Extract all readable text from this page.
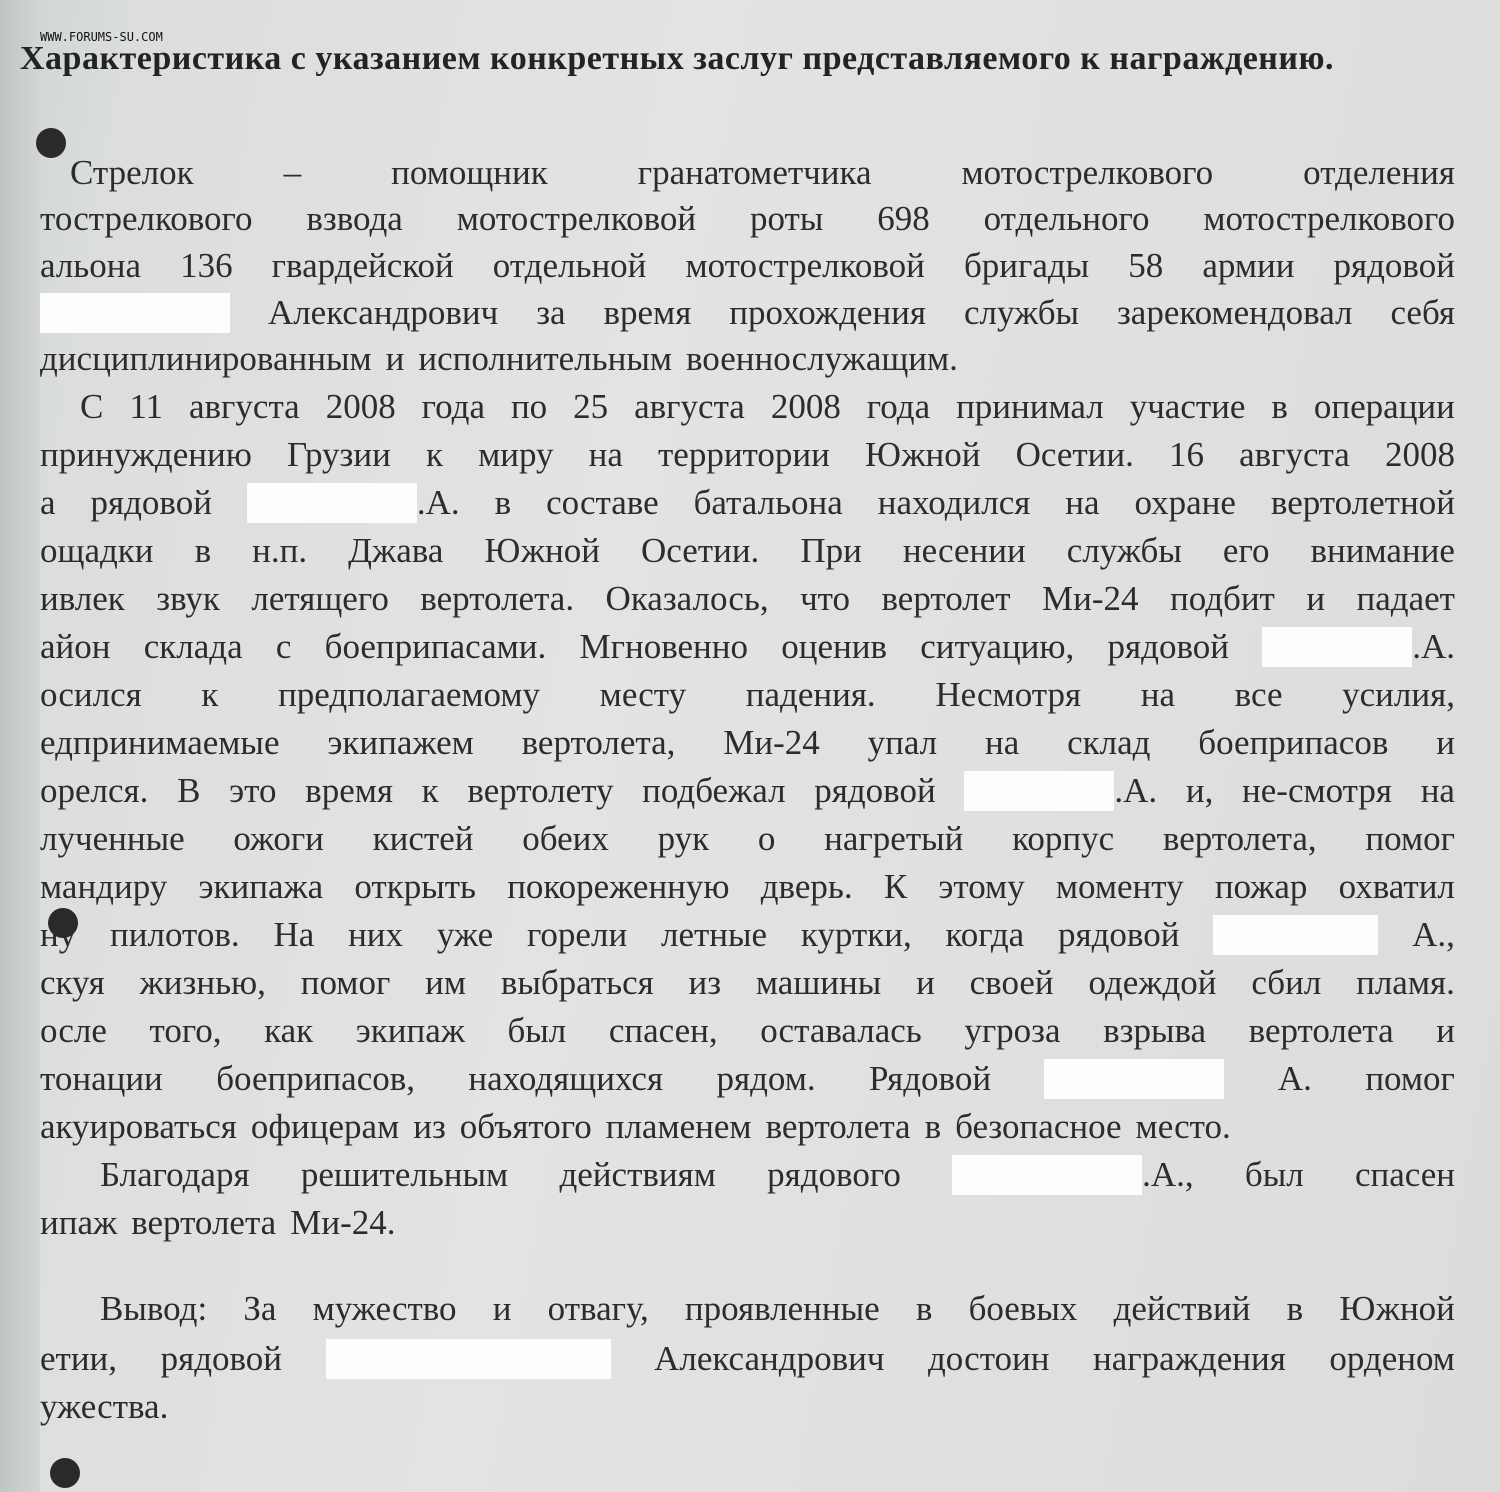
WWW.FORUMS-SU.COM
Характеристика с указанием конкретных заслуг представляемого к награждению.
Стрелок	–	помощник	гранатометчика	мотострелкового	отделения
тострелкового взвода мотострелковой роты 698 отдельного мотострелкового
альона 136 гвардейской отдельной мотострелковой бригады 58 армии рядовой
Александрович за время прохождения службы зарекомендовал себя
дисциплинированным и исполнительным военнослужащим.
С 11 августа 2008 года по 25 августа 2008 года принимал участие в операции
принуждению Грузии к миру на территории Южной Осетии. 16 августа 2008
а рядовой	.А. в составе батальона находился на охране вертолетной
ощадки в н.п. Джава Южной Осетии. При несении службы его внимание
ивлек звук летящего вертолета. Оказалось, что вертолет Ми-24 подбит и падает
айон склада с боеприпасами. Мгновенно оценив ситуацию, рядовой	.А.
осился к предполагаемому месту падения. Несмотря на все усилия,
едпринимаемые экипажем вертолета, Ми-24 упал на склад боеприпасов и
орелся. В это время к вертолету подбежал рядовой	.А. и, не-смотря на
лученные ожоги кистей обеих рук о нагретый корпус вертолета, помог
мандиру экипажа открыть покореженную дверь. К этому моменту пожар охватил
ну пилотов. На них уже горели летные куртки, когда рядовой	А.,
скуя жизнью, помог им выбраться из машины и своей одеждой сбил пламя.
осле того, как экипаж был спасен, оставалась угроза взрыва вертолета и
тонации боеприпасов, находящихся рядом. Рядовой	А. помог
акуироваться офицерам из объятого пламенем вертолета в безопасное место.
Благодаря решительным действиям рядового	.А., был спасен
ипаж вертолета Ми-24.
Вывод: За мужество и отвагу, проявленные в боевых действий в Южной
етии, рядовой	Александрович достоин награждения орденом
ужества.
